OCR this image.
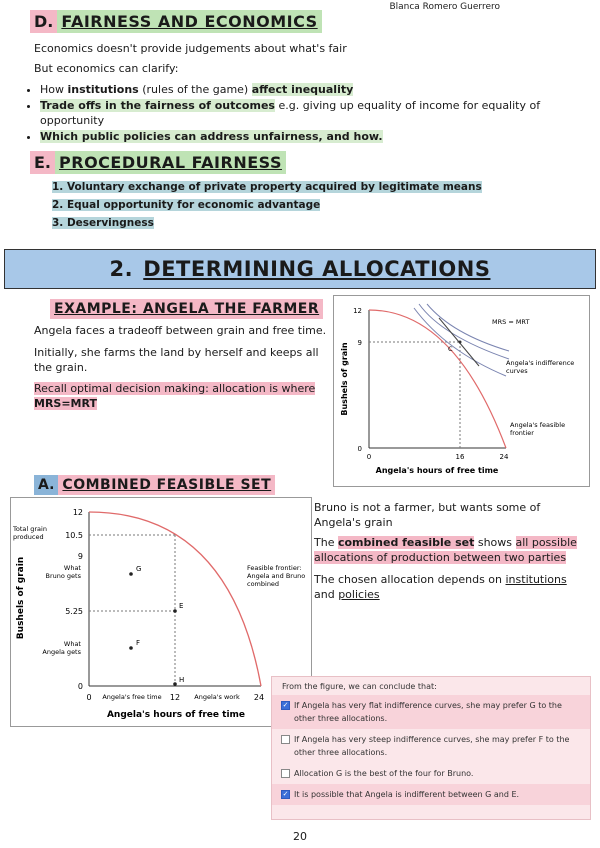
Blanca Romero Guerrero
D. FAIRNESS AND ECONOMICS
Economics doesn't provide judgements about what's fair
But economics can clarify:
• How institutions (rules of the game) affect inequality
• Trade offs in the fairness of outcomes e.g. giving up equality of income for equality of opportunity
• Which public policies can address unfairness, and how.
E. PROCEDURAL FAIRNESS
1. Voluntary exchange of private property acquired by legitimate means
2. Equal opportunity for economic advantage
3. Deservingness
2. DETERMINING ALLOCATIONS
EXAMPLE: ANGELA THE FARMER
Angela faces a tradeoff between grain and free time.
Initially, she farms the land by herself and keeps all the grain.
Recall optimal decision making: allocation is where
MRS=MRT
12
9
0
0	16	24
Angela's hours of free time
Bushels of grain	C
MRS = MRT
Angela's indifference curves
Angela's feasible frontier
A. COMBINED FEASIBLE SET
12
10.5
9
5.25
0
0	12	24
G
E
F
H
Total grain produced
What Bruno gets
What Angela gets
Feasible frontier: Angela and Bruno combined
Angela's free time	Angela's work
Angela's hours of free time
Bushels of grain
Bruno is not a farmer, but wants some of Angela's grain
The combined feasible set shows all possible allocations of production between two parties
The chosen allocation depends on institutions and policies
From the figure, we can conclude that:
✓ If Angela has very flat indifference curves, she may prefer G to the other three allocations.
If Angela has very steep indifference curves, she may prefer F to the other three allocations.
Allocation G is the best of the four for Bruno.
✓ It is possible that Angela is indifferent between G and E.
20
